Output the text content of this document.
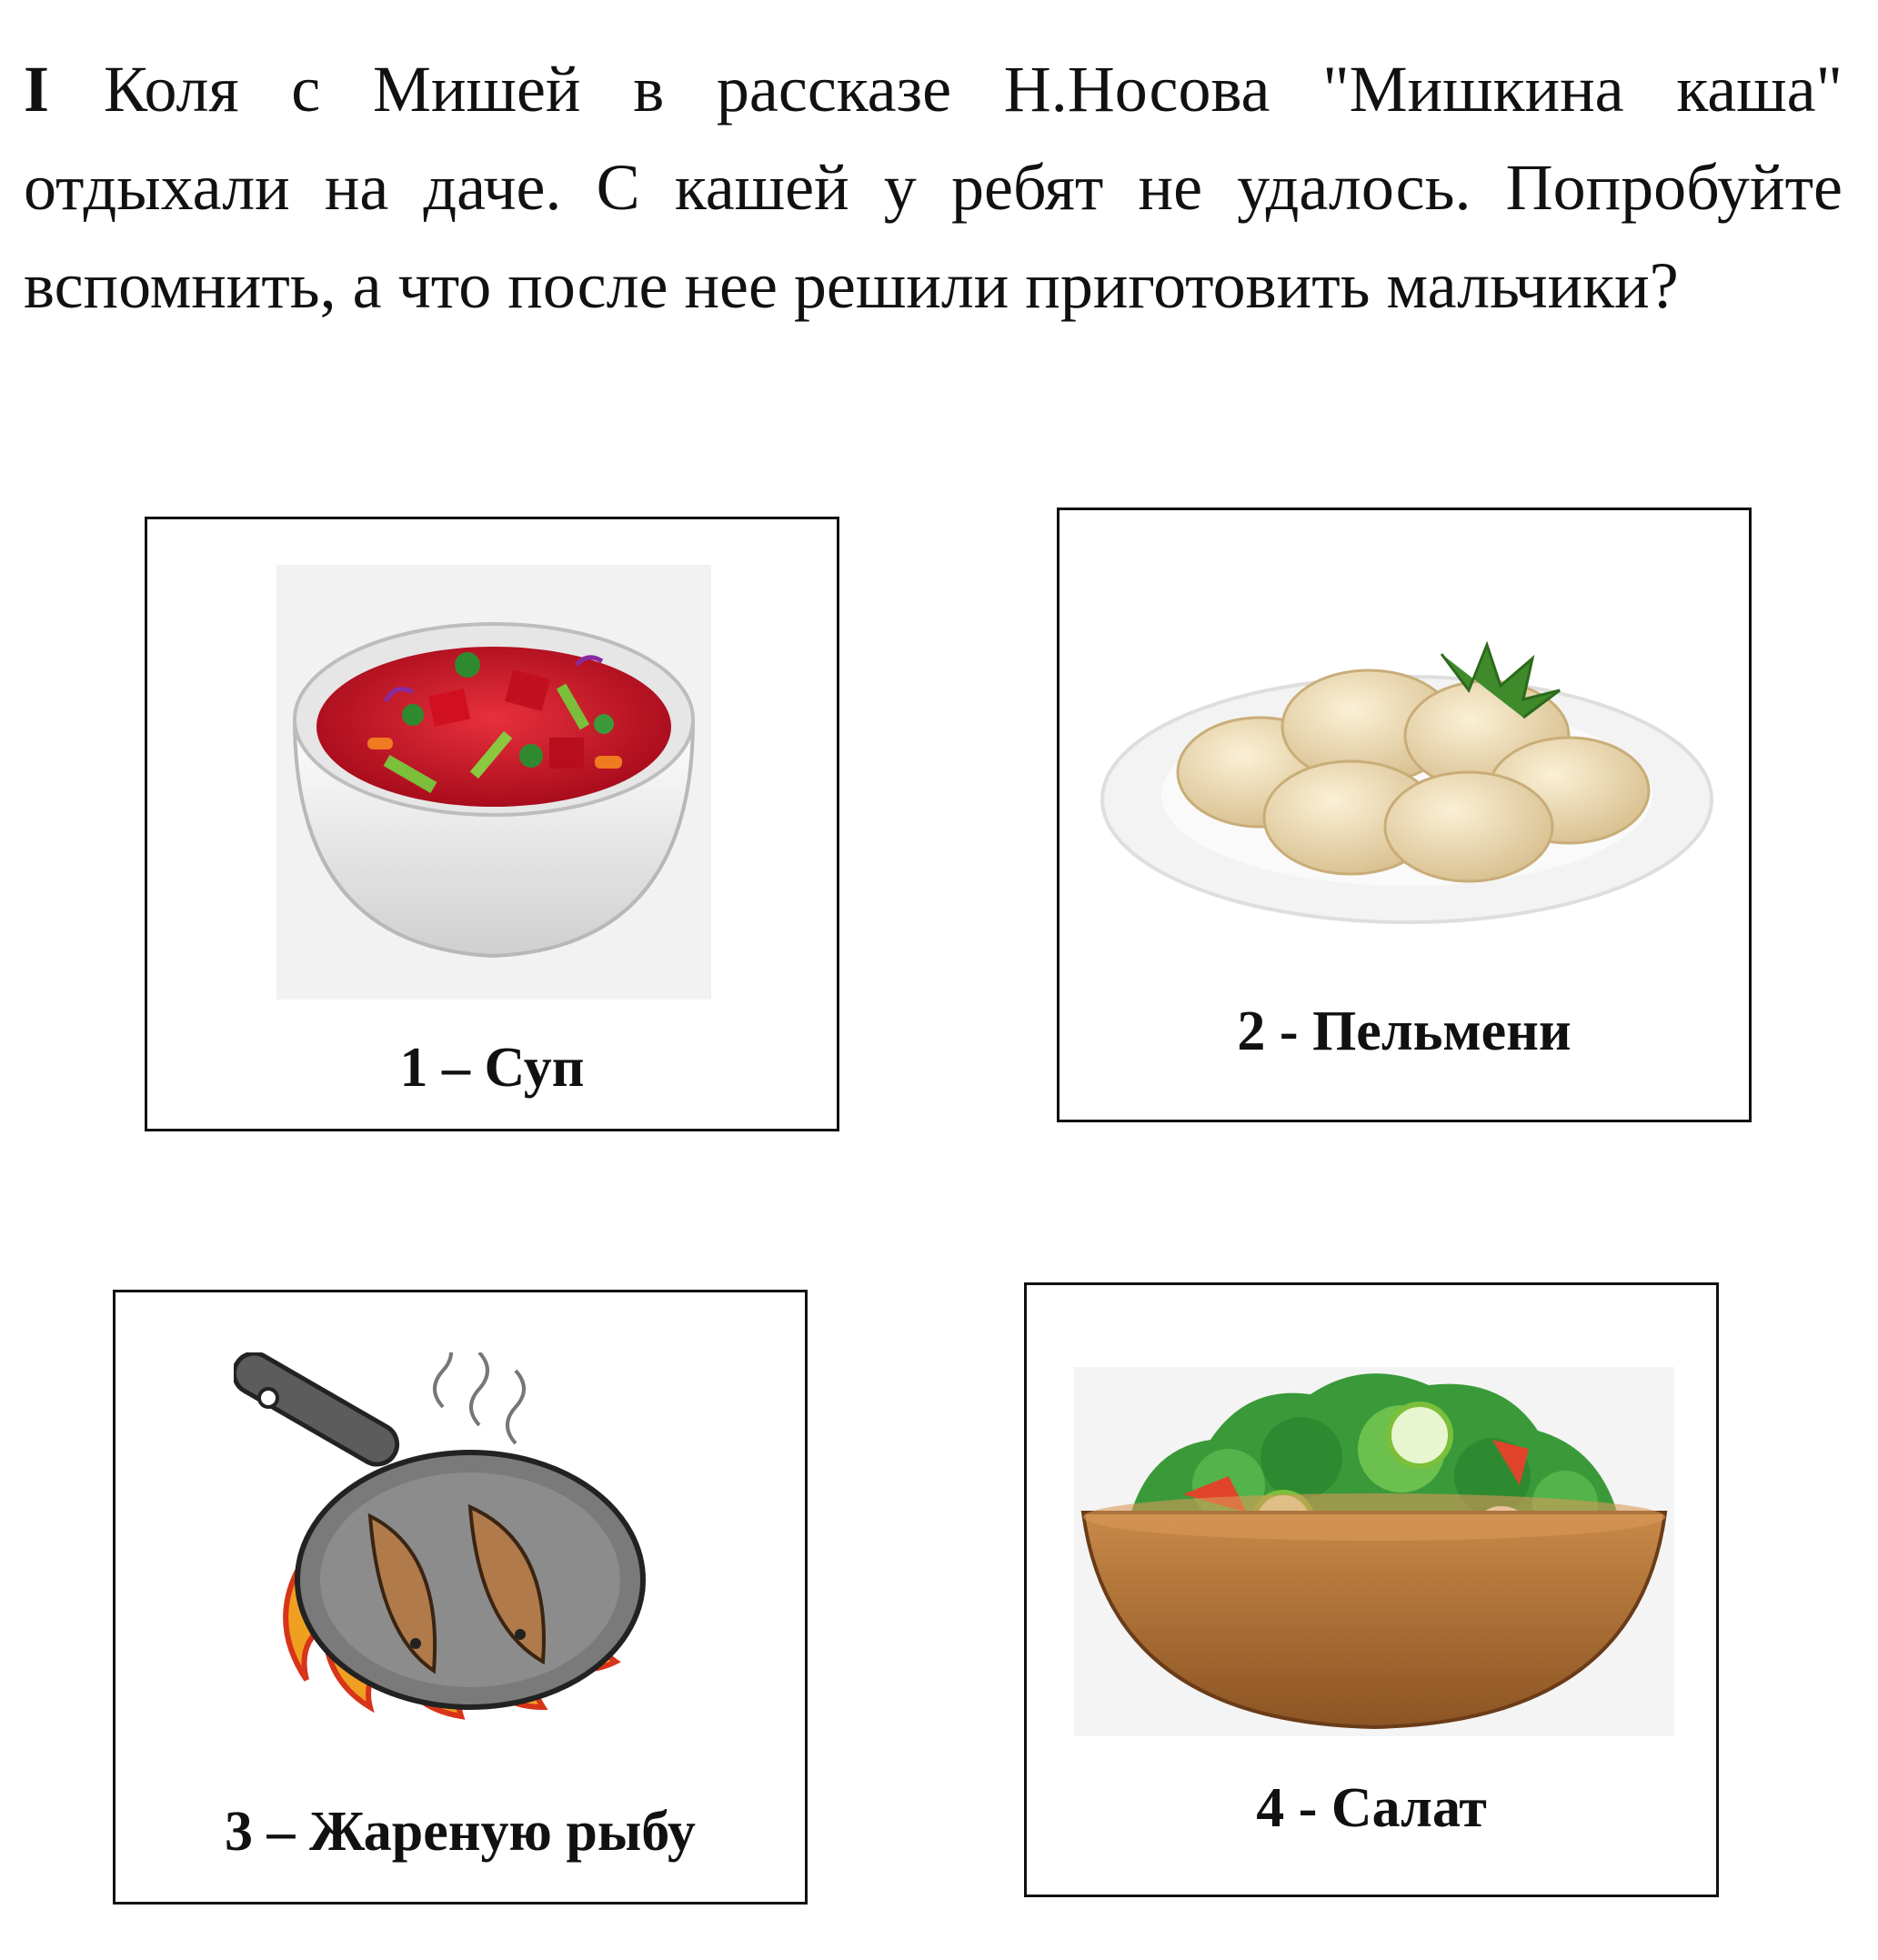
I Коля с Мишей в рассказе Н.Носова "Мишкина каша" отдыхали на даче. С кашей у ребят не удалось. Попробуйте вспомнить, а что после нее решили приготовить мальчики?
1 – Суп
2 - Пельмени
3 – Жареную рыбу	4 - Салат
